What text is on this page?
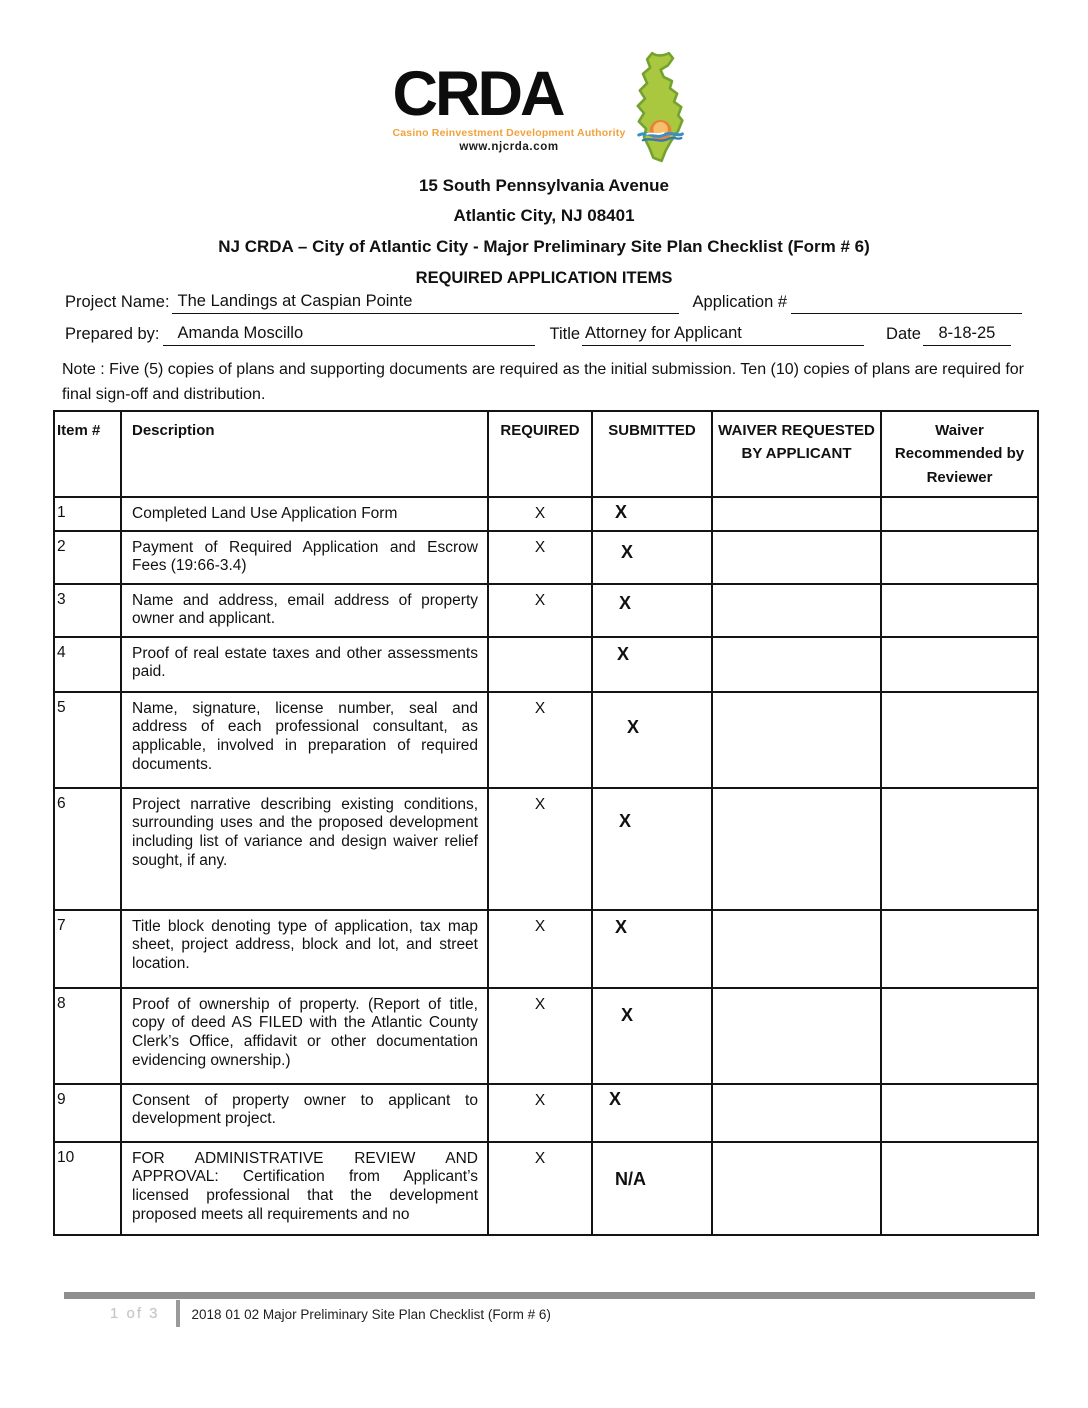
CRDA
Casino Reinvestment Development Authority
www.njcrda.com
15 South Pennsylvania Avenue
Atlantic City, NJ 08401
NJ CRDA – City of Atlantic City - Major Preliminary Site Plan Checklist (Form # 6)
REQUIRED APPLICATION ITEMS
Project Name: The Landings at Caspian Pointe	Application #
Prepared by:	Amanda Moscillo	Title Attorney for Applicant	Date	8-18-25
Note : Five (5) copies of plans and supporting documents are required as the initial submission. Ten (10) copies of plans are required for final sign-off and distribution.
Item #	Description	REQUIRED	SUBMITTED	WAIVER REQUESTED BY APPLICANT	Waiver Recommended by Reviewer
1	Completed Land Use Application Form	X	X		
2	Payment of Required Application and Escrow Fees (19:66-3.4)	X	X		
3	Name and address, email address of property owner and applicant.	X	X		
4	Proof of real estate taxes and other assessments paid.		X		
5	Name, signature, license number, seal and address of each professional consultant, as applicable, involved in preparation of required documents.	X	X		
6	Project narrative describing existing conditions, surrounding uses and the proposed development including list of variance and design waiver relief sought, if any.	X	X		
7	Title block denoting type of application, tax map sheet, project address, block and lot, and street location.	X	X		
8	Proof of ownership of property. (Report of title, copy of deed AS FILED with the Atlantic County Clerk’s Office, affidavit or other documentation evidencing ownership.)	X	X		
9	Consent of property owner to applicant to development project.	X	X		
10	FOR ADMINISTRATIVE REVIEW AND APPROVAL: Certification from Applicant’s licensed professional that the development proposed meets all requirements and no	X	N/A		
1 of 3 2018 01 02 Major Preliminary Site Plan Checklist (Form # 6)
